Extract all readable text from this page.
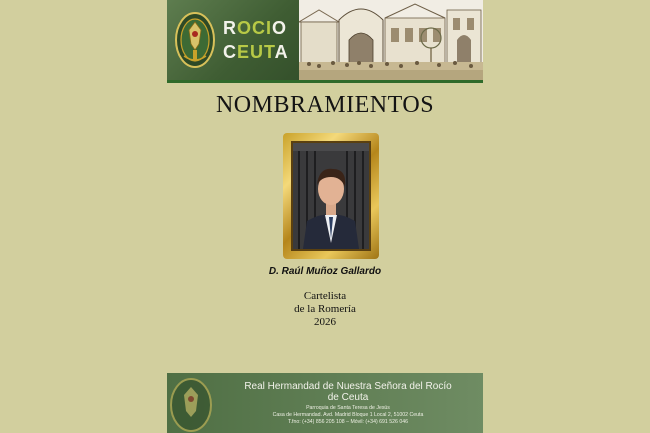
ROCIO
CEUTA
NOMBRAMIENTOS
D. Raúl Muñoz Gallardo
Cartelista
de la Romería
2026
Real Hermandad de Nuestra Señora del Rocío
de Ceuta
Parroquia de Santa Teresa de Jesús
Casa de Hermandad. Avd. Madrid Bloque 1 Local 2, 51002 Ceuta
T.fno: (+34) 856 205 108 – Móvil: (+34) 691 526 046
